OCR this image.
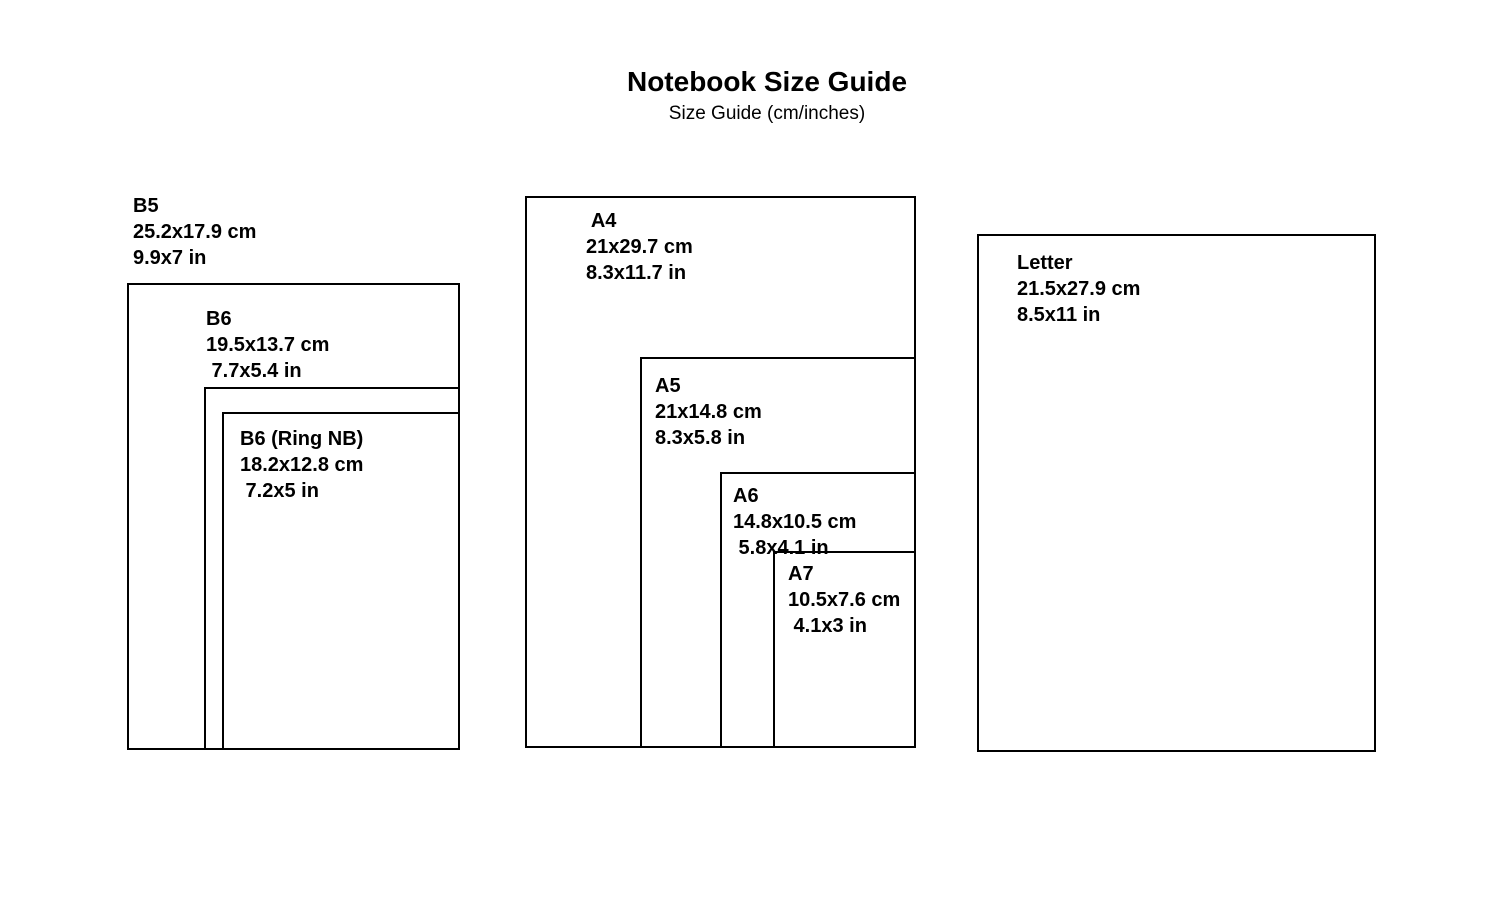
Notebook Size Guide
Size Guide (cm/inches)
B5
25.2x17.9 cm
9.9x7 in
B6
19.5x13.7 cm
7.7x5.4 in
B6 (Ring NB)
18.2x12.8 cm
7.2x5 in
A4
21x29.7 cm
8.3x11.7 in
A5
21x14.8 cm
8.3x5.8 in
A6
14.8x10.5 cm
5.8x4.1 in
A7
10.5x7.6 cm
4.1x3 in
Letter
21.5x27.9 cm
8.5x11 in
